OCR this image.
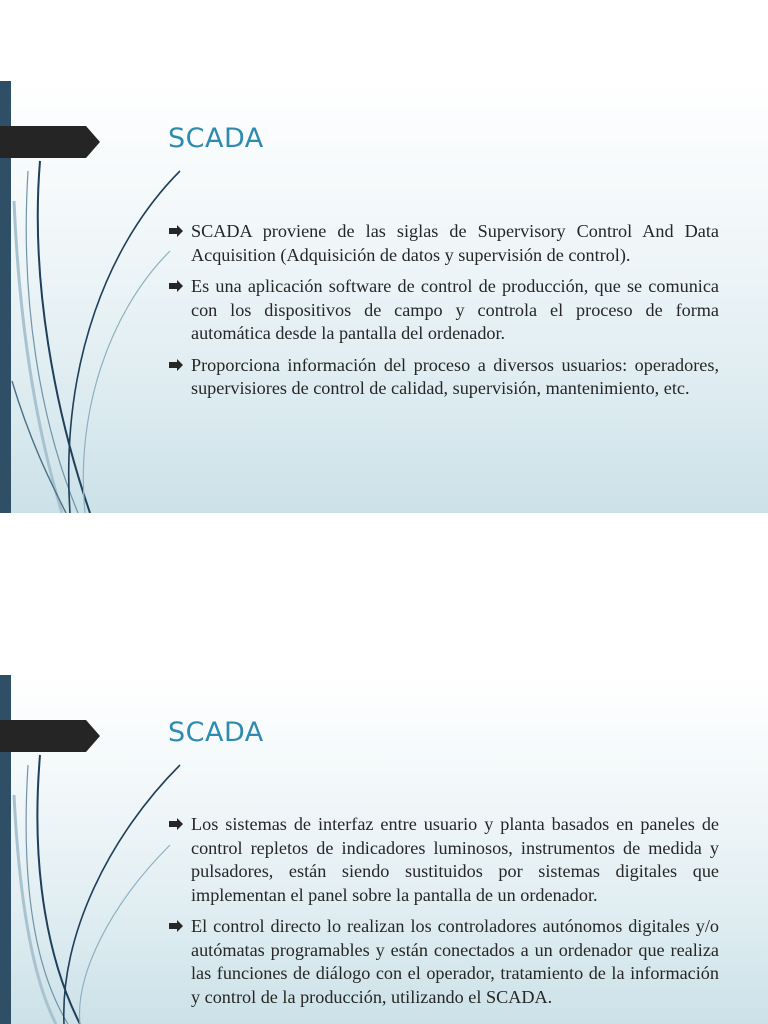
SCADA
SCADA proviene de las siglas de Supervisory Control And Data Acquisition (Adquisición de datos y supervisión de control).
Es una aplicación software de control de producción, que se comunica con los dispositivos de campo y controla el proceso de forma automática desde la pantalla del ordenador.
Proporciona información del proceso a diversos usuarios: operadores, supervisiores de control de calidad, supervisión, mantenimiento, etc.
SCADA
Los sistemas de interfaz entre usuario y planta basados en paneles de control repletos de indicadores luminosos, instrumentos de medida y pulsadores, están siendo sustituidos por sistemas digitales que implementan el panel sobre la pantalla de un ordenador.
El control directo lo realizan los controladores autónomos digitales y/o autómatas programables y están conectados a un ordenador que realiza las funciones de diálogo con el operador, tratamiento de la información y control de la producción, utilizando el SCADA.
